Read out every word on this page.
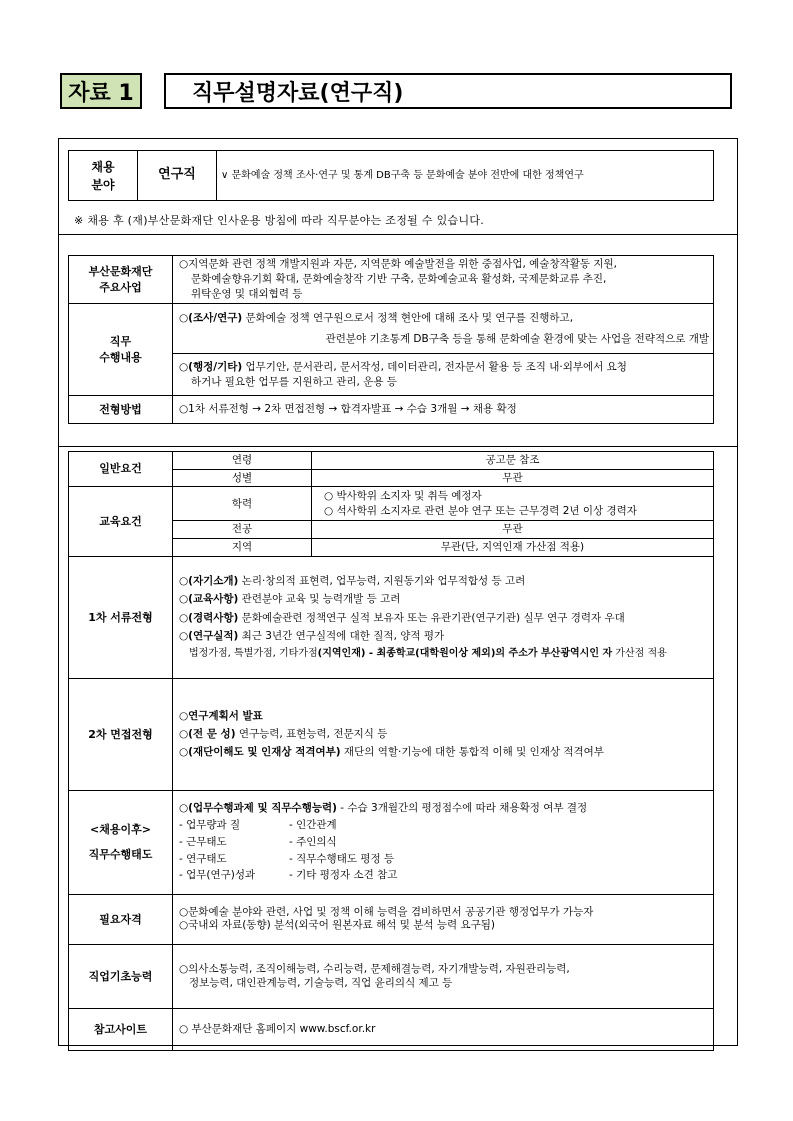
자료 1	직무설명자료(연구직)
채용
분야	연구직	∨ 문화예술 정책 조사·연구 및 통계 DB구축 등 문화예술 분야 전반에 대한 정책연구
※ 채용 후 (재)부산문화재단 인사운용 방침에 따라 직무분야는 조정될 수 있습니다.
부산문화재단
주요사업	○지역문화 관련 정책 개발지원과 자문, 지역문화 예술발전을 위한 중점사업, 예술창작활동 지원,
문화예술향유기회 확대, 문화예술창작 기반 구축, 문화예술교육 활성화, 국제문화교류 추진,
위탁운영 및 대외협력 등

직무
수행내용	○(조사/연구) 문화예술 정책 연구원으로서 정책 현안에 대해 조사 및 연구를 진행하고,
관련분야 기초통계 DB구축 등을 통해 문화예술 환경에 맞는 사업을 전략적으로 개발

	○(행정/기타) 업무기안, 문서관리, 문서작성, 데이터관리, 전자문서 활용 등 조직 내·외부에서 요청
하거나 필요한 업무를 지원하고 관리, 운용 등

전형방법	○1차 서류전형 → 2차 면접전형 → 합격자발표 → 수습 3개월 → 채용 확정
일반요건	연령	공고문 참조
	성별	무관
교육요건	학력	○ 박사학위 소지자 및 취득 예정자
○ 석사학위 소지자로 관련 분야 연구 또는 근무경력 2년 이상 경력자

	전공	무관
	지역	무관(단, 지역인재 가산점 적용)
1차 서류전형	○(자기소개) 논리·창의적 표현력, 업무능력, 지원동기와 업무적합성 등 고려
○(교육사항) 관련분야 교육 및 능력개발 등 고려
○(경력사항) 문화예술관련 정책연구 실적 보유자 또는 유관기관(연구기관) 실무 연구 경력자 우대
○(연구실적) 최근 3년간 연구실적에 대한 질적, 양적 평가
법정가점, 특별가점, 기타가점(지역인재) - 최종학교(대학원이상 제외)의 주소가 부산광역시인 자 가산점 적용	

2차 면접전형	○연구계획서 발표
○(전 문 성) 연구능력, 표현능력, 전문지식 등
○(재단이해도 및 인재상 적격여부) 재단의 역할·기능에 대한 통합적 이해 및 인재상 적격여부	

<채용이후>
직무수행태도	○(업무수행과제 및 직무수행능력) - 수습 3개월간의 평정점수에 따라 채용확정 여부 결정
- 업무량과 질 - 인간관계
- 근무태도 - 주인의식
- 연구태도 - 직무수행태도 평정 등
- 업무(연구)성과 - 기타 평정자 소견 참고	

필요자격	○문화예술 분야와 관련, 사업 및 정책 이해 능력을 겸비하면서 공공기관 행정업무가 가능자
○국내외 자료(동향) 분석(외국어 원본자료 해석 및 분석 능력 요구됨)	

직업기초능력	○의사소통능력, 조직이해능력, 수리능력, 문제해결능력, 자기개발능력, 자원관리능력,
정보능력, 대인관계능력, 기술능력, 직업 윤리의식 제고 등	

참고사이트	○ 부산문화재단 홈페이지 www.bscf.or.kr	
